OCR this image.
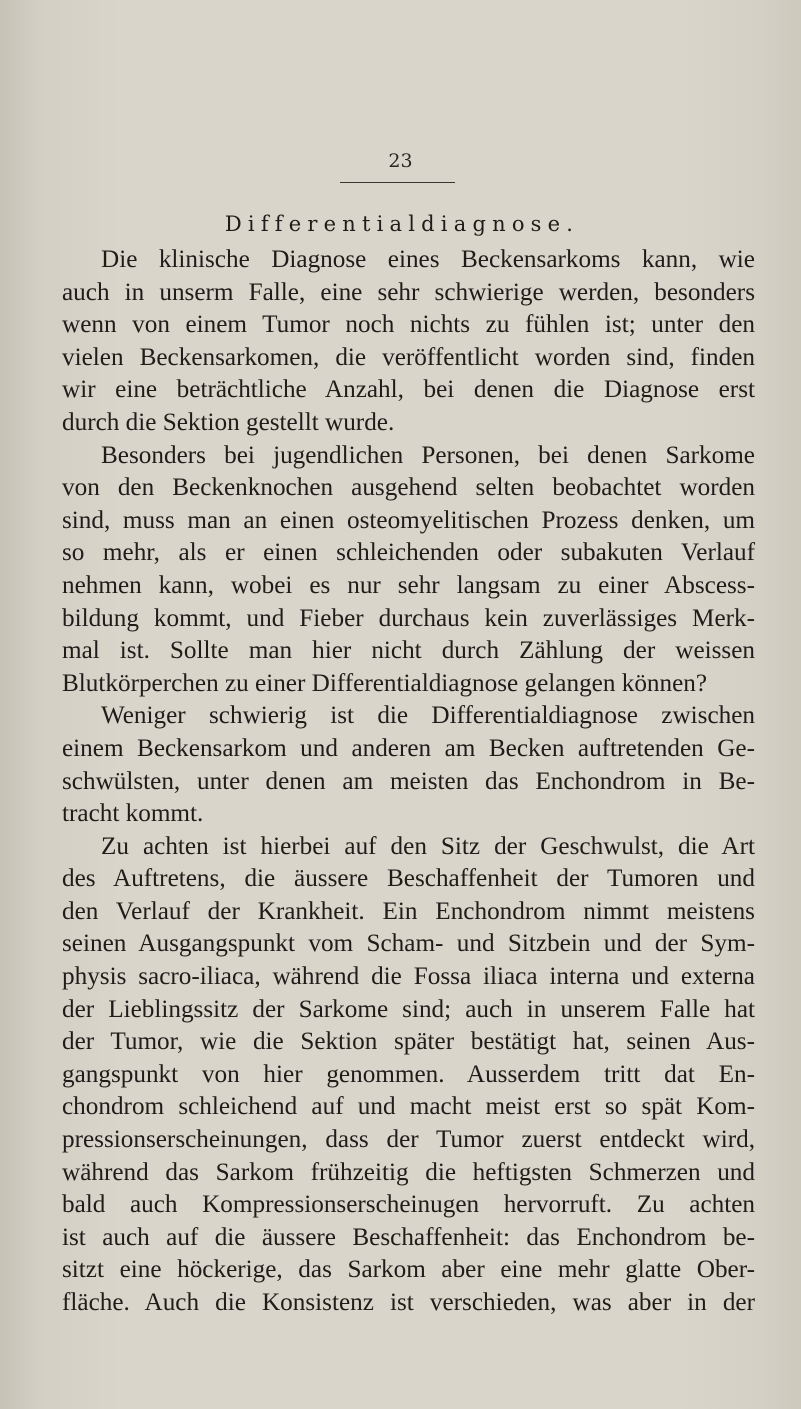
23
Differentialdiagnose.
Die klinische Diagnose eines Beckensarkoms kann, wie
auch in unserm Falle, eine sehr schwierige werden, besonders
wenn von einem Tumor noch nichts zu fühlen ist; unter den
vielen Beckensarkomen, die veröffentlicht worden sind, finden
wir eine beträchtliche Anzahl, bei denen die Diagnose erst
durch die Sektion gestellt wurde.
Besonders bei jugendlichen Personen, bei denen Sarkome
von den Beckenknochen ausgehend selten beobachtet worden
sind, muss man an einen osteomyelitischen Prozess denken, um
so mehr, als er einen schleichenden oder subakuten Verlauf
nehmen kann, wobei es nur sehr langsam zu einer Abscess-
bildung kommt, und Fieber durchaus kein zuverlässiges Merk-
mal ist. Sollte man hier nicht durch Zählung der weissen
Blutkörperchen zu einer Differentialdiagnose gelangen können?
Weniger schwierig ist die Differentialdiagnose zwischen
einem Beckensarkom und anderen am Becken auftretenden Ge-
schwülsten, unter denen am meisten das Enchondrom in Be-
tracht kommt.
Zu achten ist hierbei auf den Sitz der Geschwulst, die Art
des Auftretens, die äussere Beschaffenheit der Tumoren und
den Verlauf der Krankheit. Ein Enchondrom nimmt meistens
seinen Ausgangspunkt vom Scham- und Sitzbein und der Sym-
physis sacro-iliaca, während die Fossa iliaca interna und externa
der Lieblingssitz der Sarkome sind; auch in unserem Falle hat
der Tumor, wie die Sektion später bestätigt hat, seinen Aus-
gangspunkt von hier genommen. Ausserdem tritt dat En-
chondrom schleichend auf und macht meist erst so spät Kom-
pressionserscheinungen, dass der Tumor zuerst entdeckt wird,
während das Sarkom frühzeitig die heftigsten Schmerzen und
bald auch Kompressionserscheinugen hervorruft. Zu achten
ist auch auf die äussere Beschaffenheit: das Enchondrom be-
sitzt eine höckerige, das Sarkom aber eine mehr glatte Ober-
fläche. Auch die Konsistenz ist verschieden, was aber in der
